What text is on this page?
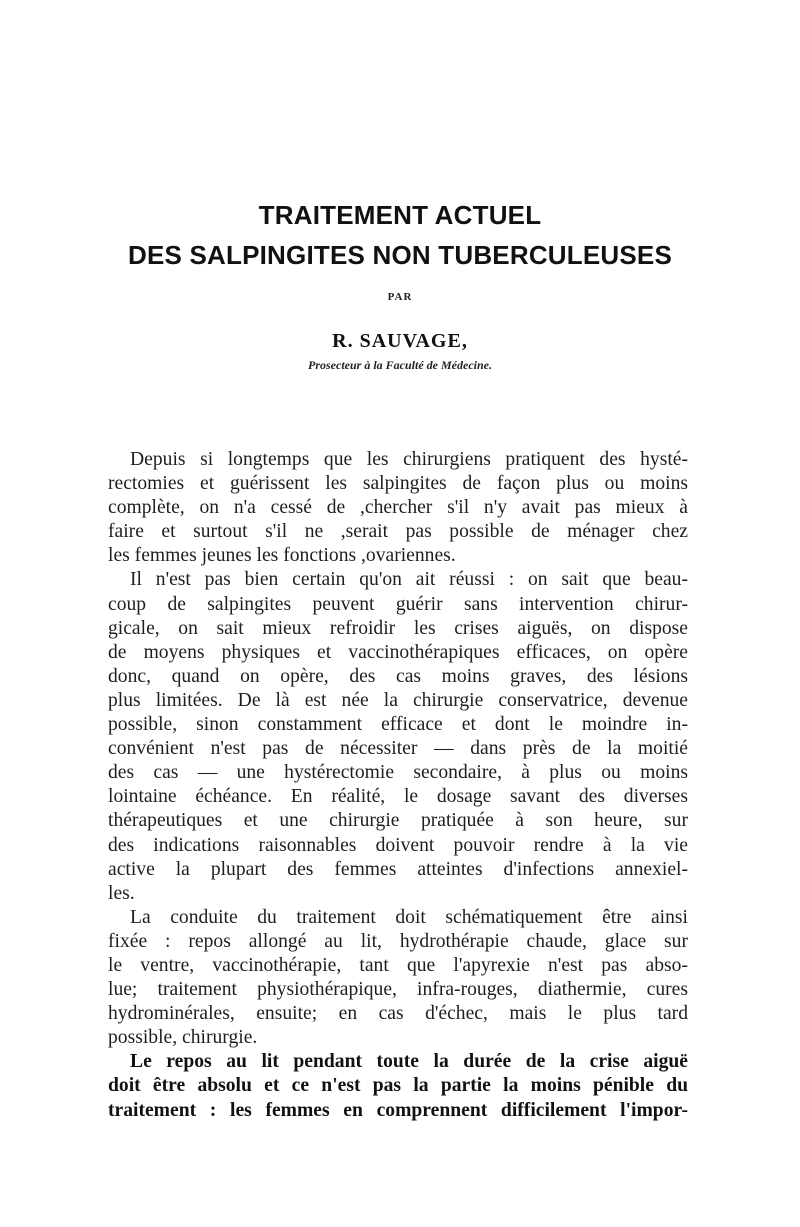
TRAITEMENT ACTUEL
DES SALPINGITES NON TUBERCULEUSES
PAR
R. SAUVAGE,
Prosecteur à la Faculté de Médecine.
Depuis si longtemps que les chirurgiens pratiquent des hysté-
rectomies et guérissent les salpingites de façon plus ou moins
complète, on n'a cessé de ,chercher s'il n'y avait pas mieux à
faire et surtout s'il ne ,serait pas possible de ménager chez
les femmes jeunes les fonctions ,ovariennes.
Il n'est pas bien certain qu'on ait réussi : on sait que beau-
coup de salpingites peuvent guérir sans intervention chirur-
gicale, on sait mieux refroidir les crises aiguës, on dispose
de moyens physiques et vaccinothérapiques efficaces, on opère
donc, quand on opère, des cas moins graves, des lésions
plus limitées. De là est née la chirurgie conservatrice, devenue
possible, sinon constamment efficace et dont le moindre in-
convénient n'est pas de nécessiter — dans près de la moitié
des cas — une hystérectomie secondaire, à plus ou moins
lointaine échéance. En réalité, le dosage savant des diverses
thérapeutiques et une chirurgie pratiquée à son heure, sur
des indications raisonnables doivent pouvoir rendre à la vie
active la plupart des femmes atteintes d'infections annexiel-
les.
La conduite du traitement doit schématiquement être ainsi
fixée : repos allongé au lit, hydrothérapie chaude, glace sur
le ventre, vaccinothérapie, tant que l'apyrexie n'est pas abso-
lue; traitement physiothérapique, infra-rouges, diathermie, cures
hydrominérales, ensuite; en cas d'échec, mais le plus tard
possible, chirurgie.
Le repos au lit pendant toute la durée de la crise aiguë
doit être absolu et ce n'est pas la partie la moins pénible du
traitement : les femmes en comprennent difficilement l'impor-
